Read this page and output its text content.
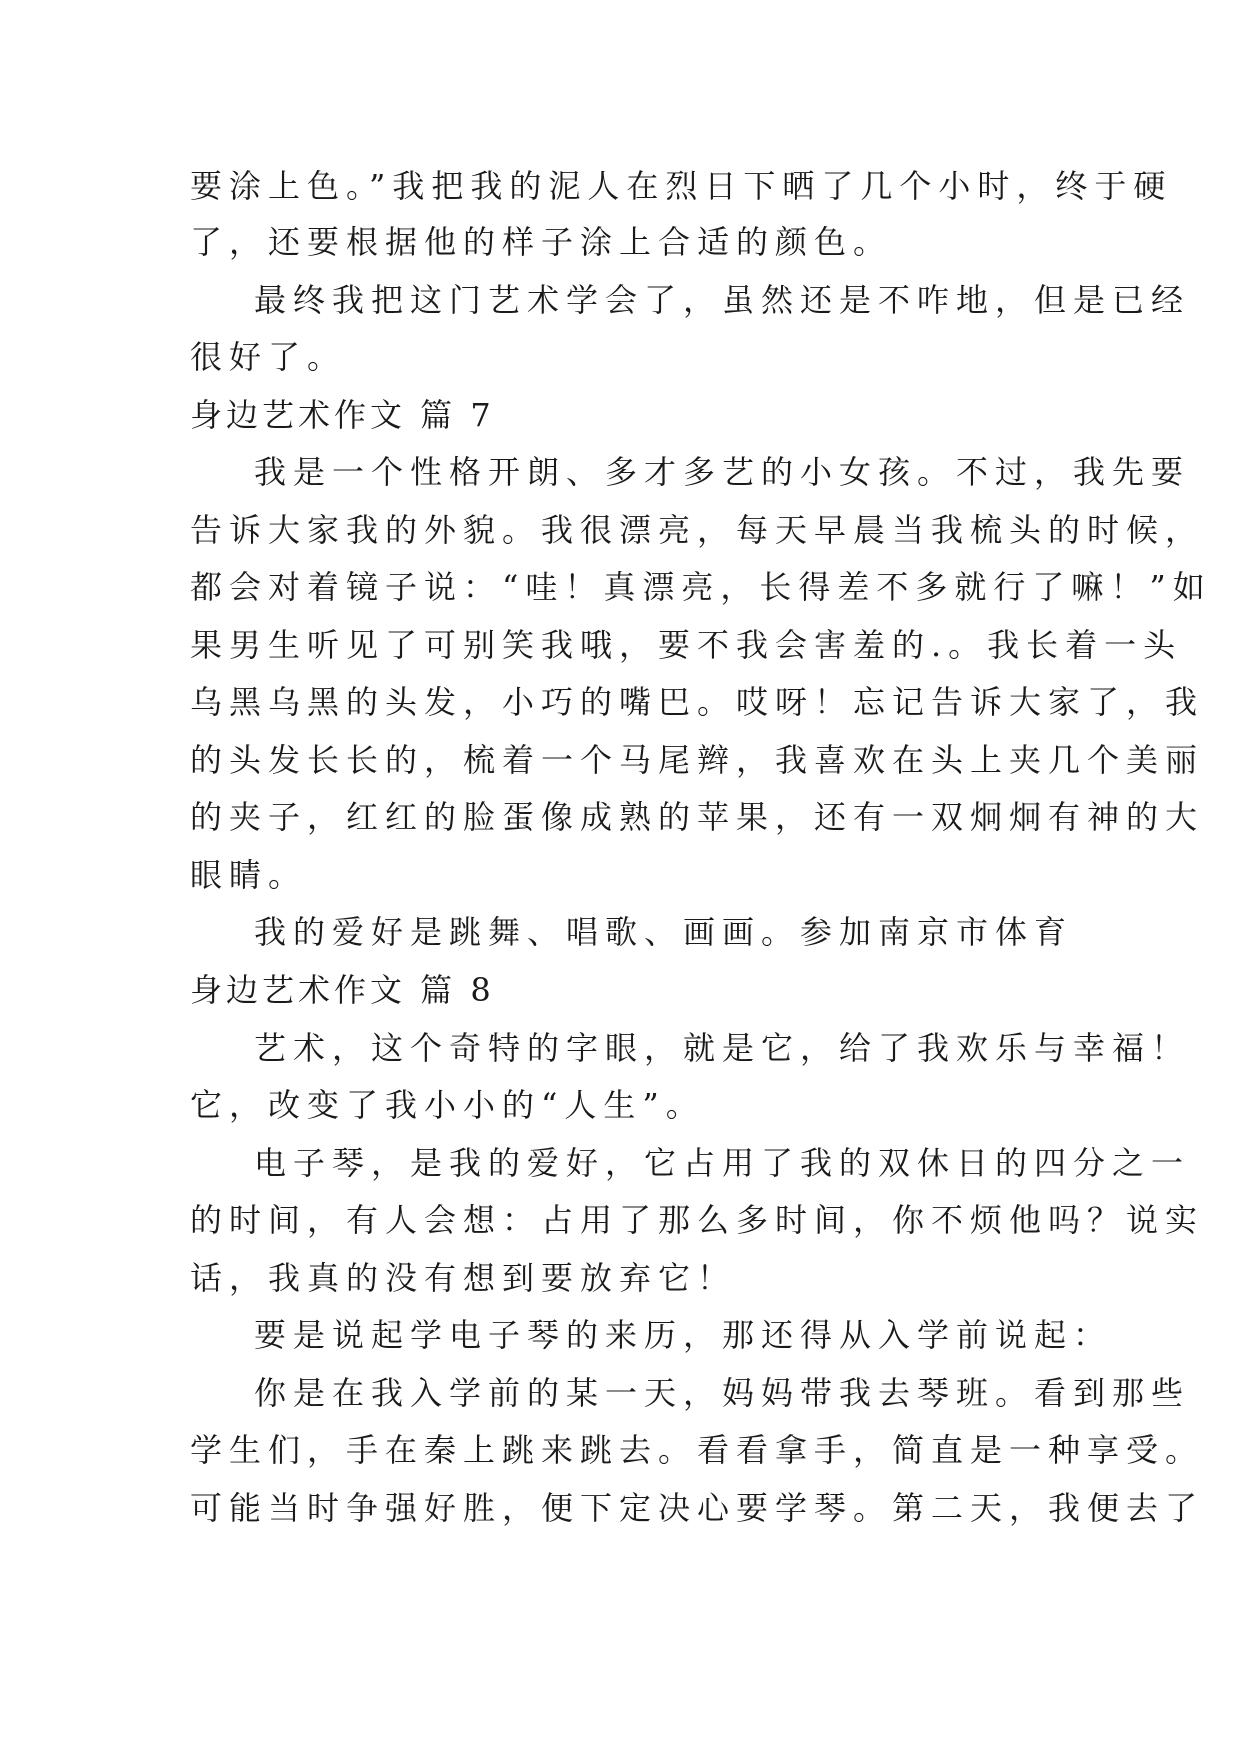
要涂上色。”我把我的泥人在烈日下晒了几个小时，终于硬
了，还要根据他的样子涂上合适的颜色。
最终我把这门艺术学会了，虽然还是不咋地，但是已经
很好了。
身边艺术作文 篇 7
我是一个性格开朗、多才多艺的小女孩。不过，我先要
告诉大家我的外貌。我很漂亮，每天早晨当我梳头的时候，
都会对着镜子说：“哇！真漂亮，长得差不多就行了嘛！”如
果男生听见了可别笑我哦，要不我会害羞的.。我长着一头
乌黑乌黑的头发，小巧的嘴巴。哎呀！忘记告诉大家了，我
的头发长长的，梳着一个马尾辫，我喜欢在头上夹几个美丽
的夹子，红红的脸蛋像成熟的苹果，还有一双炯炯有神的大
眼睛。
我的爱好是跳舞、唱歌、画画。参加南京市体育
身边艺术作文 篇 8
艺术，这个奇特的字眼，就是它，给了我欢乐与幸福！
它，改变了我小小的“人生”。
电子琴，是我的爱好，它占用了我的双休日的四分之一
的时间，有人会想：占用了那么多时间，你不烦他吗？说实
话，我真的没有想到要放弃它！
要是说起学电子琴的来历，那还得从入学前说起：
你是在我入学前的某一天，妈妈带我去琴班。看到那些
学生们，手在秦上跳来跳去。看看拿手，简直是一种享受。
可能当时争强好胜，便下定决心要学琴。第二天，我便去了
